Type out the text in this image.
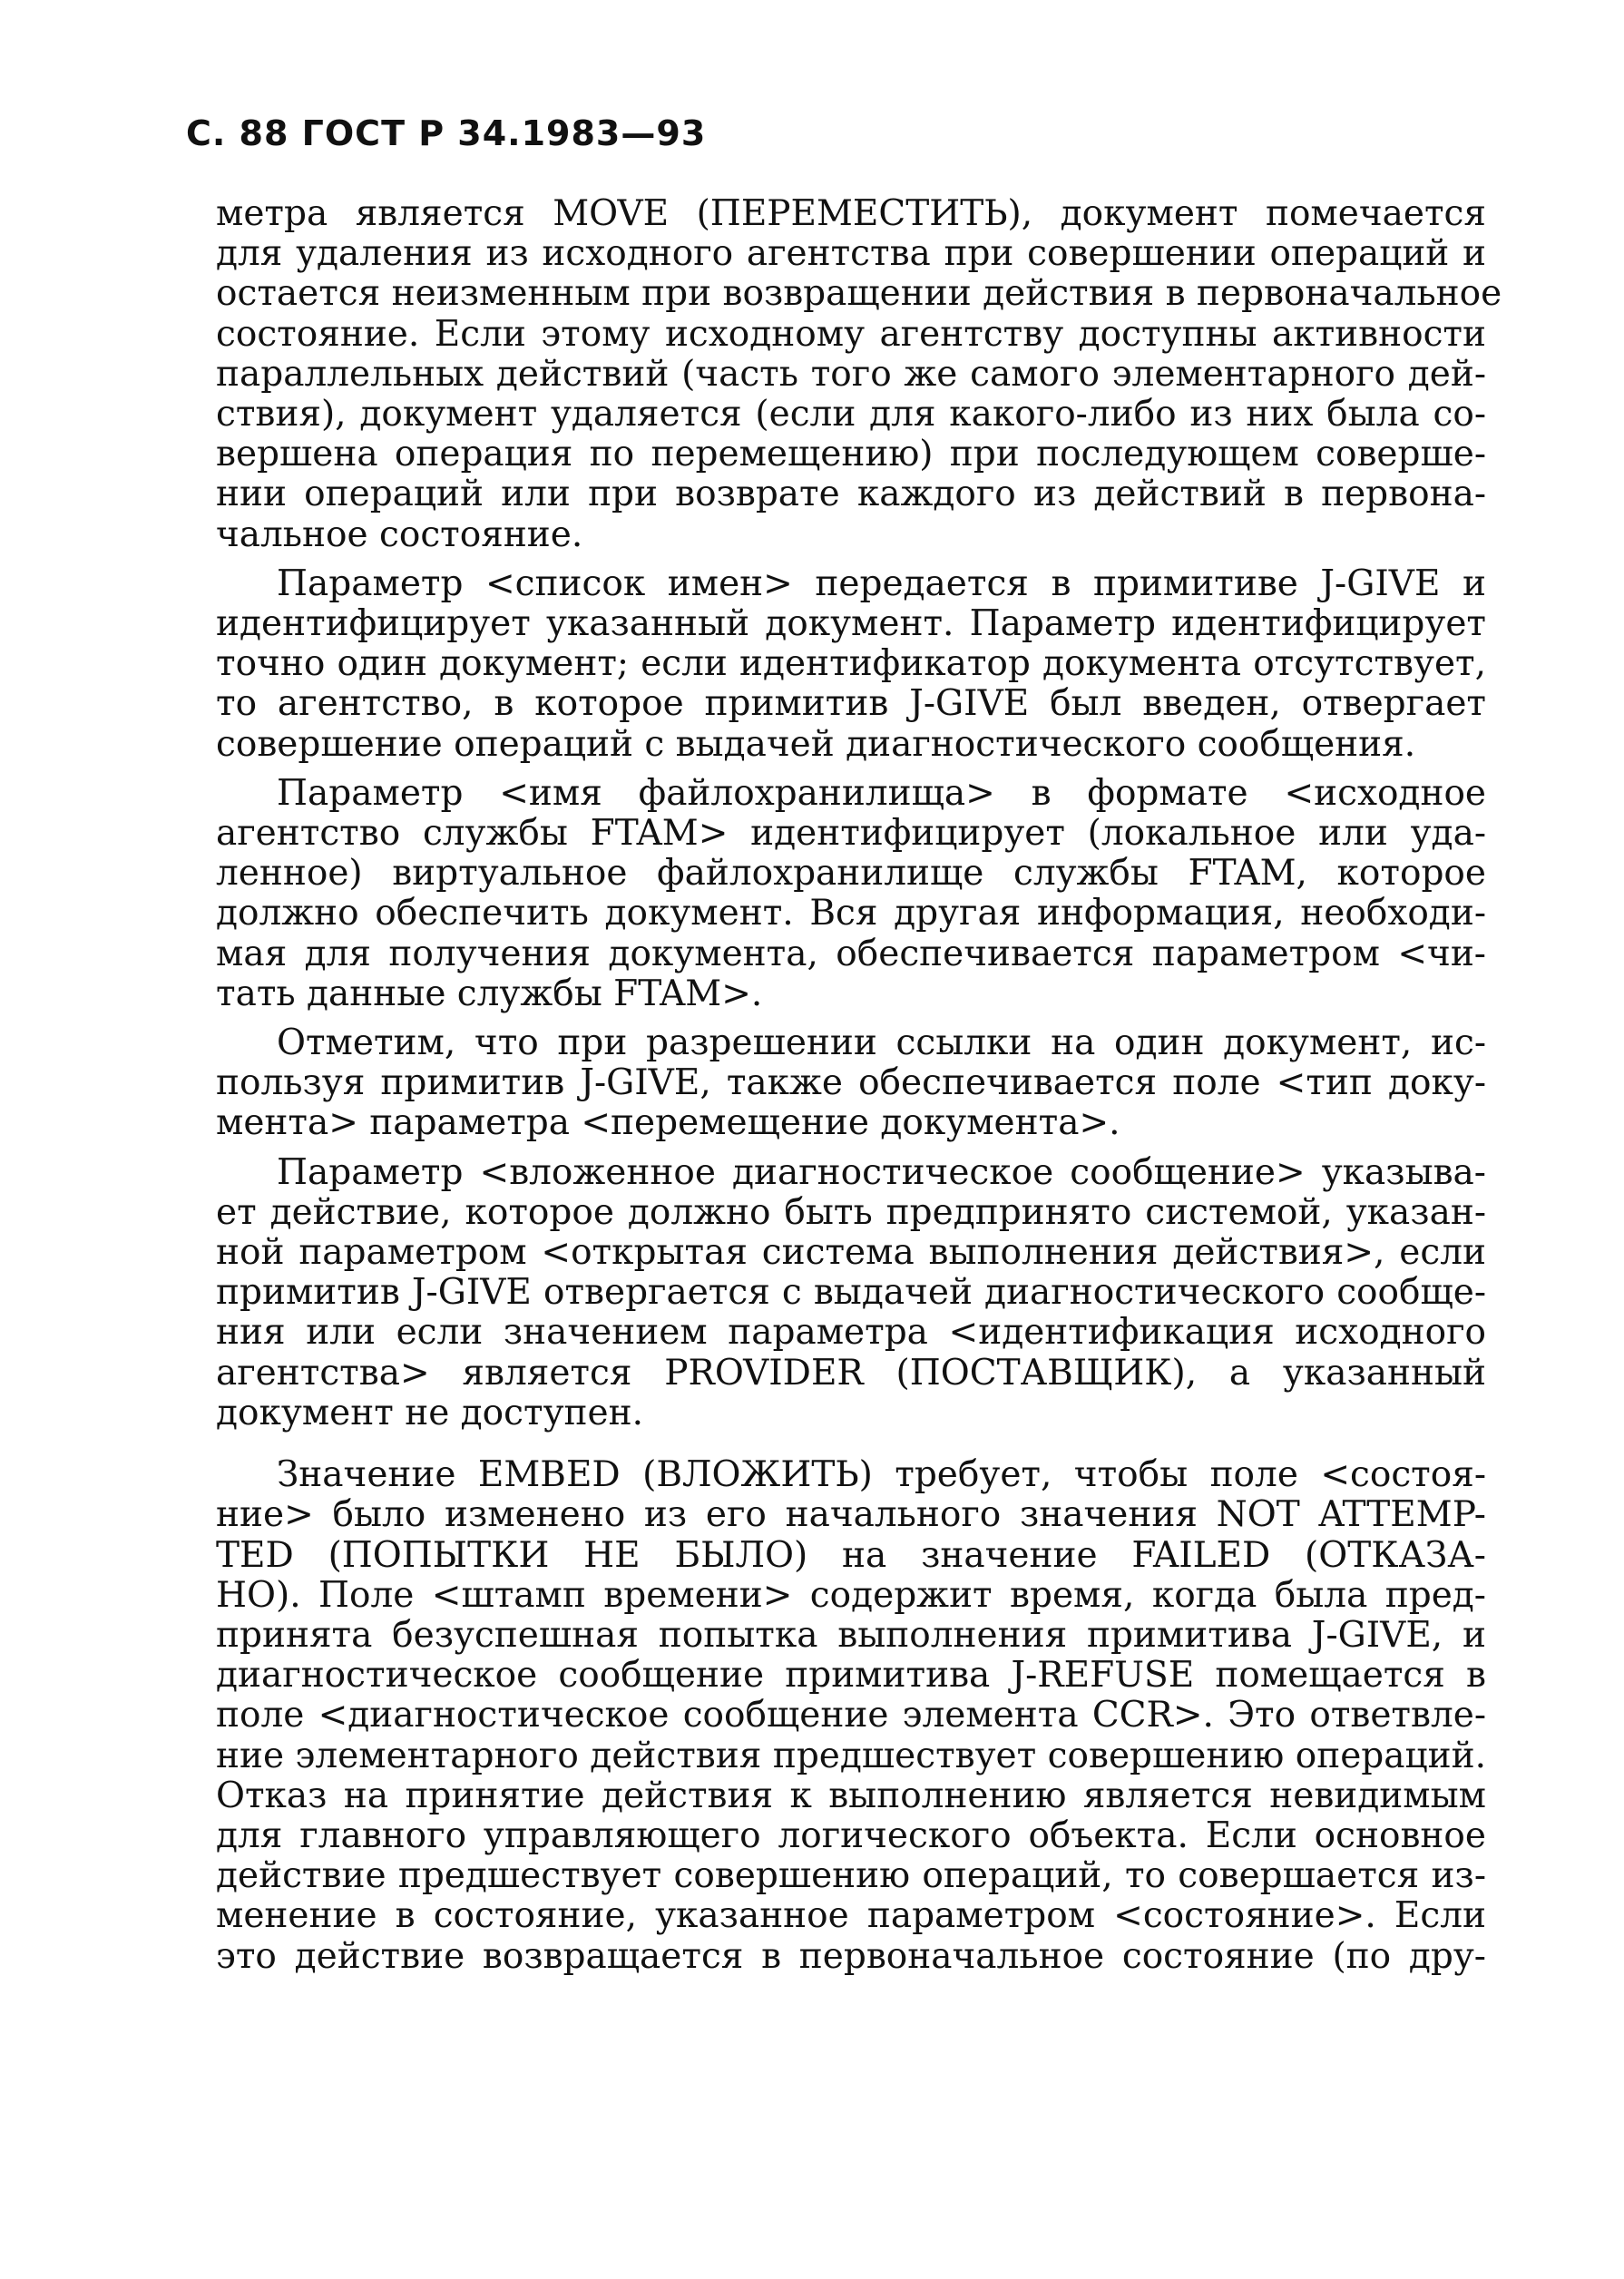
С. 88 ГОСТ Р 34.1983—93

метра является MOVE (ПЕРЕМЕСТИТЬ), документ помечается
для удаления из исходного агентства при совершении операций и
остается неизменным при возвращении действия в первоначальное
состояние. Если этому исходному агентству доступны активности
параллельных действий (часть того же самого элементарного дей-
ствия), документ удаляется (если для какого-либо из них была со-
вершена операция по перемещению) при последующем соверше-
нии операций или при возврате каждого из действий в первона-
чальное состояние.

Параметр <список имен> передается в примитиве J-GIVE и
идентифицирует указанный документ. Параметр идентифицирует
точно один документ; если идентификатор документа отсутствует,
то агентство, в которое примитив J-GIVE был введен, отвергает
совершение операций с выдачей диагностического сообщения.

Параметр <имя файлохранилища> в формате <исходное
агентство службы FTAM> идентифицирует (локальное или уда-
ленное) виртуальное файлохранилище службы FTAM, которое
должно обеспечить документ. Вся другая информация, необходи-
мая для получения документа, обеспечивается параметром <чи-
тать данные службы FTAM>.

Отметим, что при разрешении ссылки на один документ, ис-
пользуя примитив J-GIVE, также обеспечивается поле <тип доку-
мента> параметра <перемещение документа>.

Параметр <вложенное диагностическое сообщение> указыва-
ет действие, которое должно быть предпринято системой, указан-
ной параметром <открытая система выполнения действия>, если
примитив J-GIVE отвергается с выдачей диагностического сообще-
ния или если значением параметра <идентификация исходного
агентства> является PROVIDER (ПОСТАВЩИК), а указанный
документ не доступен.

Значение EMBED (ВЛОЖИТЬ) требует, чтобы поле <состоя-
ние> было изменено из его начального значения NOT ATTEMP-
TED (ПОПЫТКИ НЕ БЫЛО) на значение FAILED (ОТКАЗА-
НО). Поле <штамп времени> содержит время, когда была пред-
принята безуспешная попытка выполнения примитива J-GIVE, и
диагностическое сообщение примитива J-REFUSE помещается в
поле <диагностическое сообщение элемента CCR>. Это ответвле-
ние элементарного действия предшествует совершению операций.
Отказ на принятие действия к выполнению является невидимым
для главного управляющего логического объекта. Если основное
действие предшествует совершению операций, то совершается из-
менение в состояние, указанное параметром <состояние>. Если
это действие возвращается в первоначальное состояние (по дру-
